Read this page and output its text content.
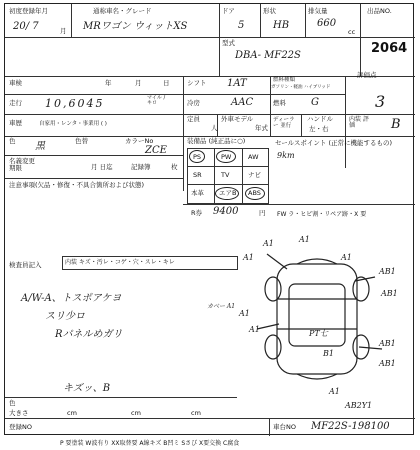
初度登録年月
20/ 7	月
通称車名・グレード
MRワゴン ウィットXS
ドア
5
形状
HB
排気量
660
cc
出品NO.
2064
型式
DBA- MF22S
車検	年	月	日	シフト 1AT	燃料種類
ガソリン・軽油 ハイブリッド
評価点
3
走行 10,6045	マイル / キロ	冷房	AAC	燃料	G
車歴	自家用・レンタ・事業用 ( )
定員
人
外車モデル
年式
ディーラー 並行
ハンドル
左・右
内装 評価	B
色 黒	色替	カラーNo
ZCE
装備品 (純正品に○)
PS	PW	AW
SR	TV	ナビ
本革 エアB ABS
R券 9400	円
セールスポイント (正常に機能するもの)
9km
FW ラ・ヒビ割・リペア跡・X 要
名義変更 期限	月 日迄	記録簿	枚
注意事項(欠品・修復・不具合箇所および状態)
検査員記入	内装 キズ・汚レ・コゲ・穴・スレ・キレ
A/W-A、トスポアケヨ
スリ少ロ
Rパネルめガリ
キズッ、B
A1	A1
A1
AB1
A1
AB1
A1
A1
AB1
AB1
PT七
B1
A1
AB2Y1
カベー A1
色
大きさ	cm	cm	cm
登録NO	車台NO MF22S-198100
P 要塗装 W波有り XX取替要 A線キズ B凹ミ Sさび X要交換 C腐食
